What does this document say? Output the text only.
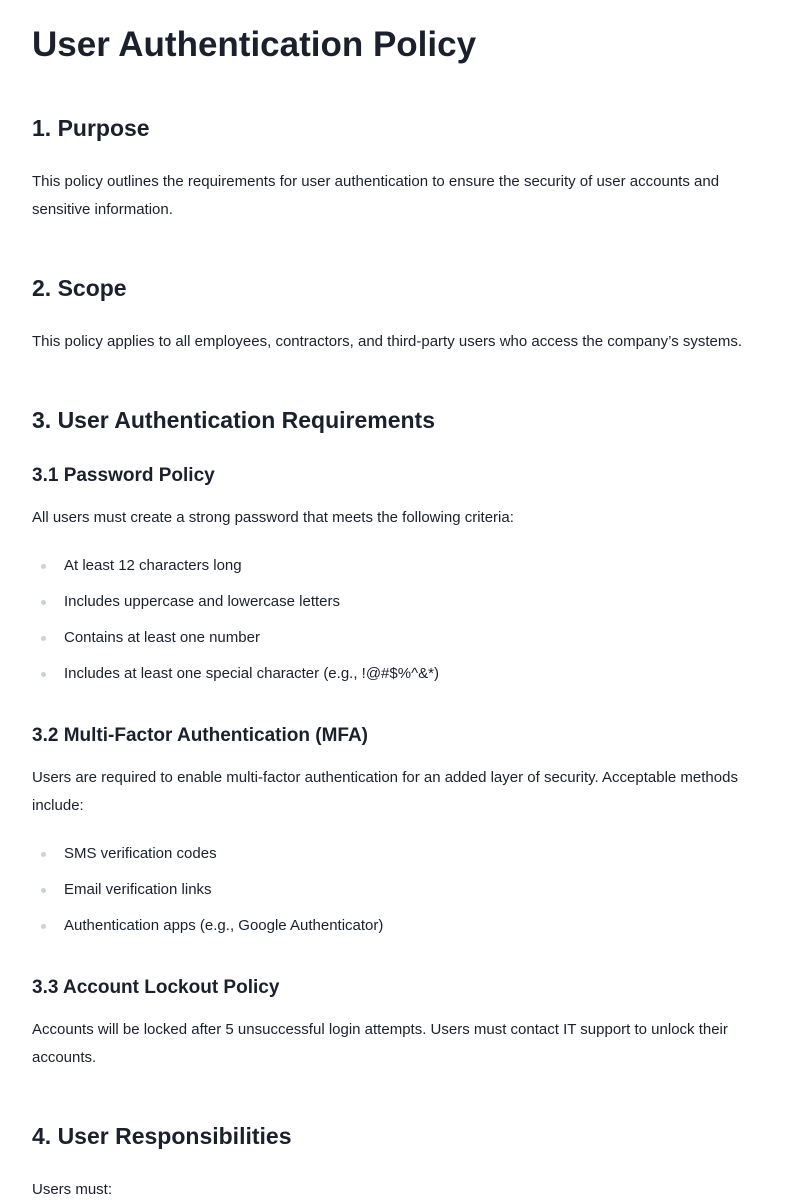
User Authentication Policy
1. Purpose

This policy outlines the requirements for user authentication to ensure the security of user accounts and sensitive information.

2. Scope

This policy applies to all employees, contractors, and third-party users who access the company’s systems.

3. User Authentication Requirements
3.1 Password Policy

All users must create a strong password that meets the following criteria:

At least 12 characters long
Includes uppercase and lowercase letters
Contains at least one number
Includes at least one special character (e.g., !@#$%^&*)
3.2 Multi-Factor Authentication (MFA)

Users are required to enable multi-factor authentication for an added layer of security. Acceptable methods include:

SMS verification codes
Email verification links
Authentication apps (e.g., Google Authenticator)
3.3 Account Lockout Policy

Accounts will be locked after 5 unsuccessful login attempts. Users must contact IT support to unlock their accounts.

4. User Responsibilities

Users must:
